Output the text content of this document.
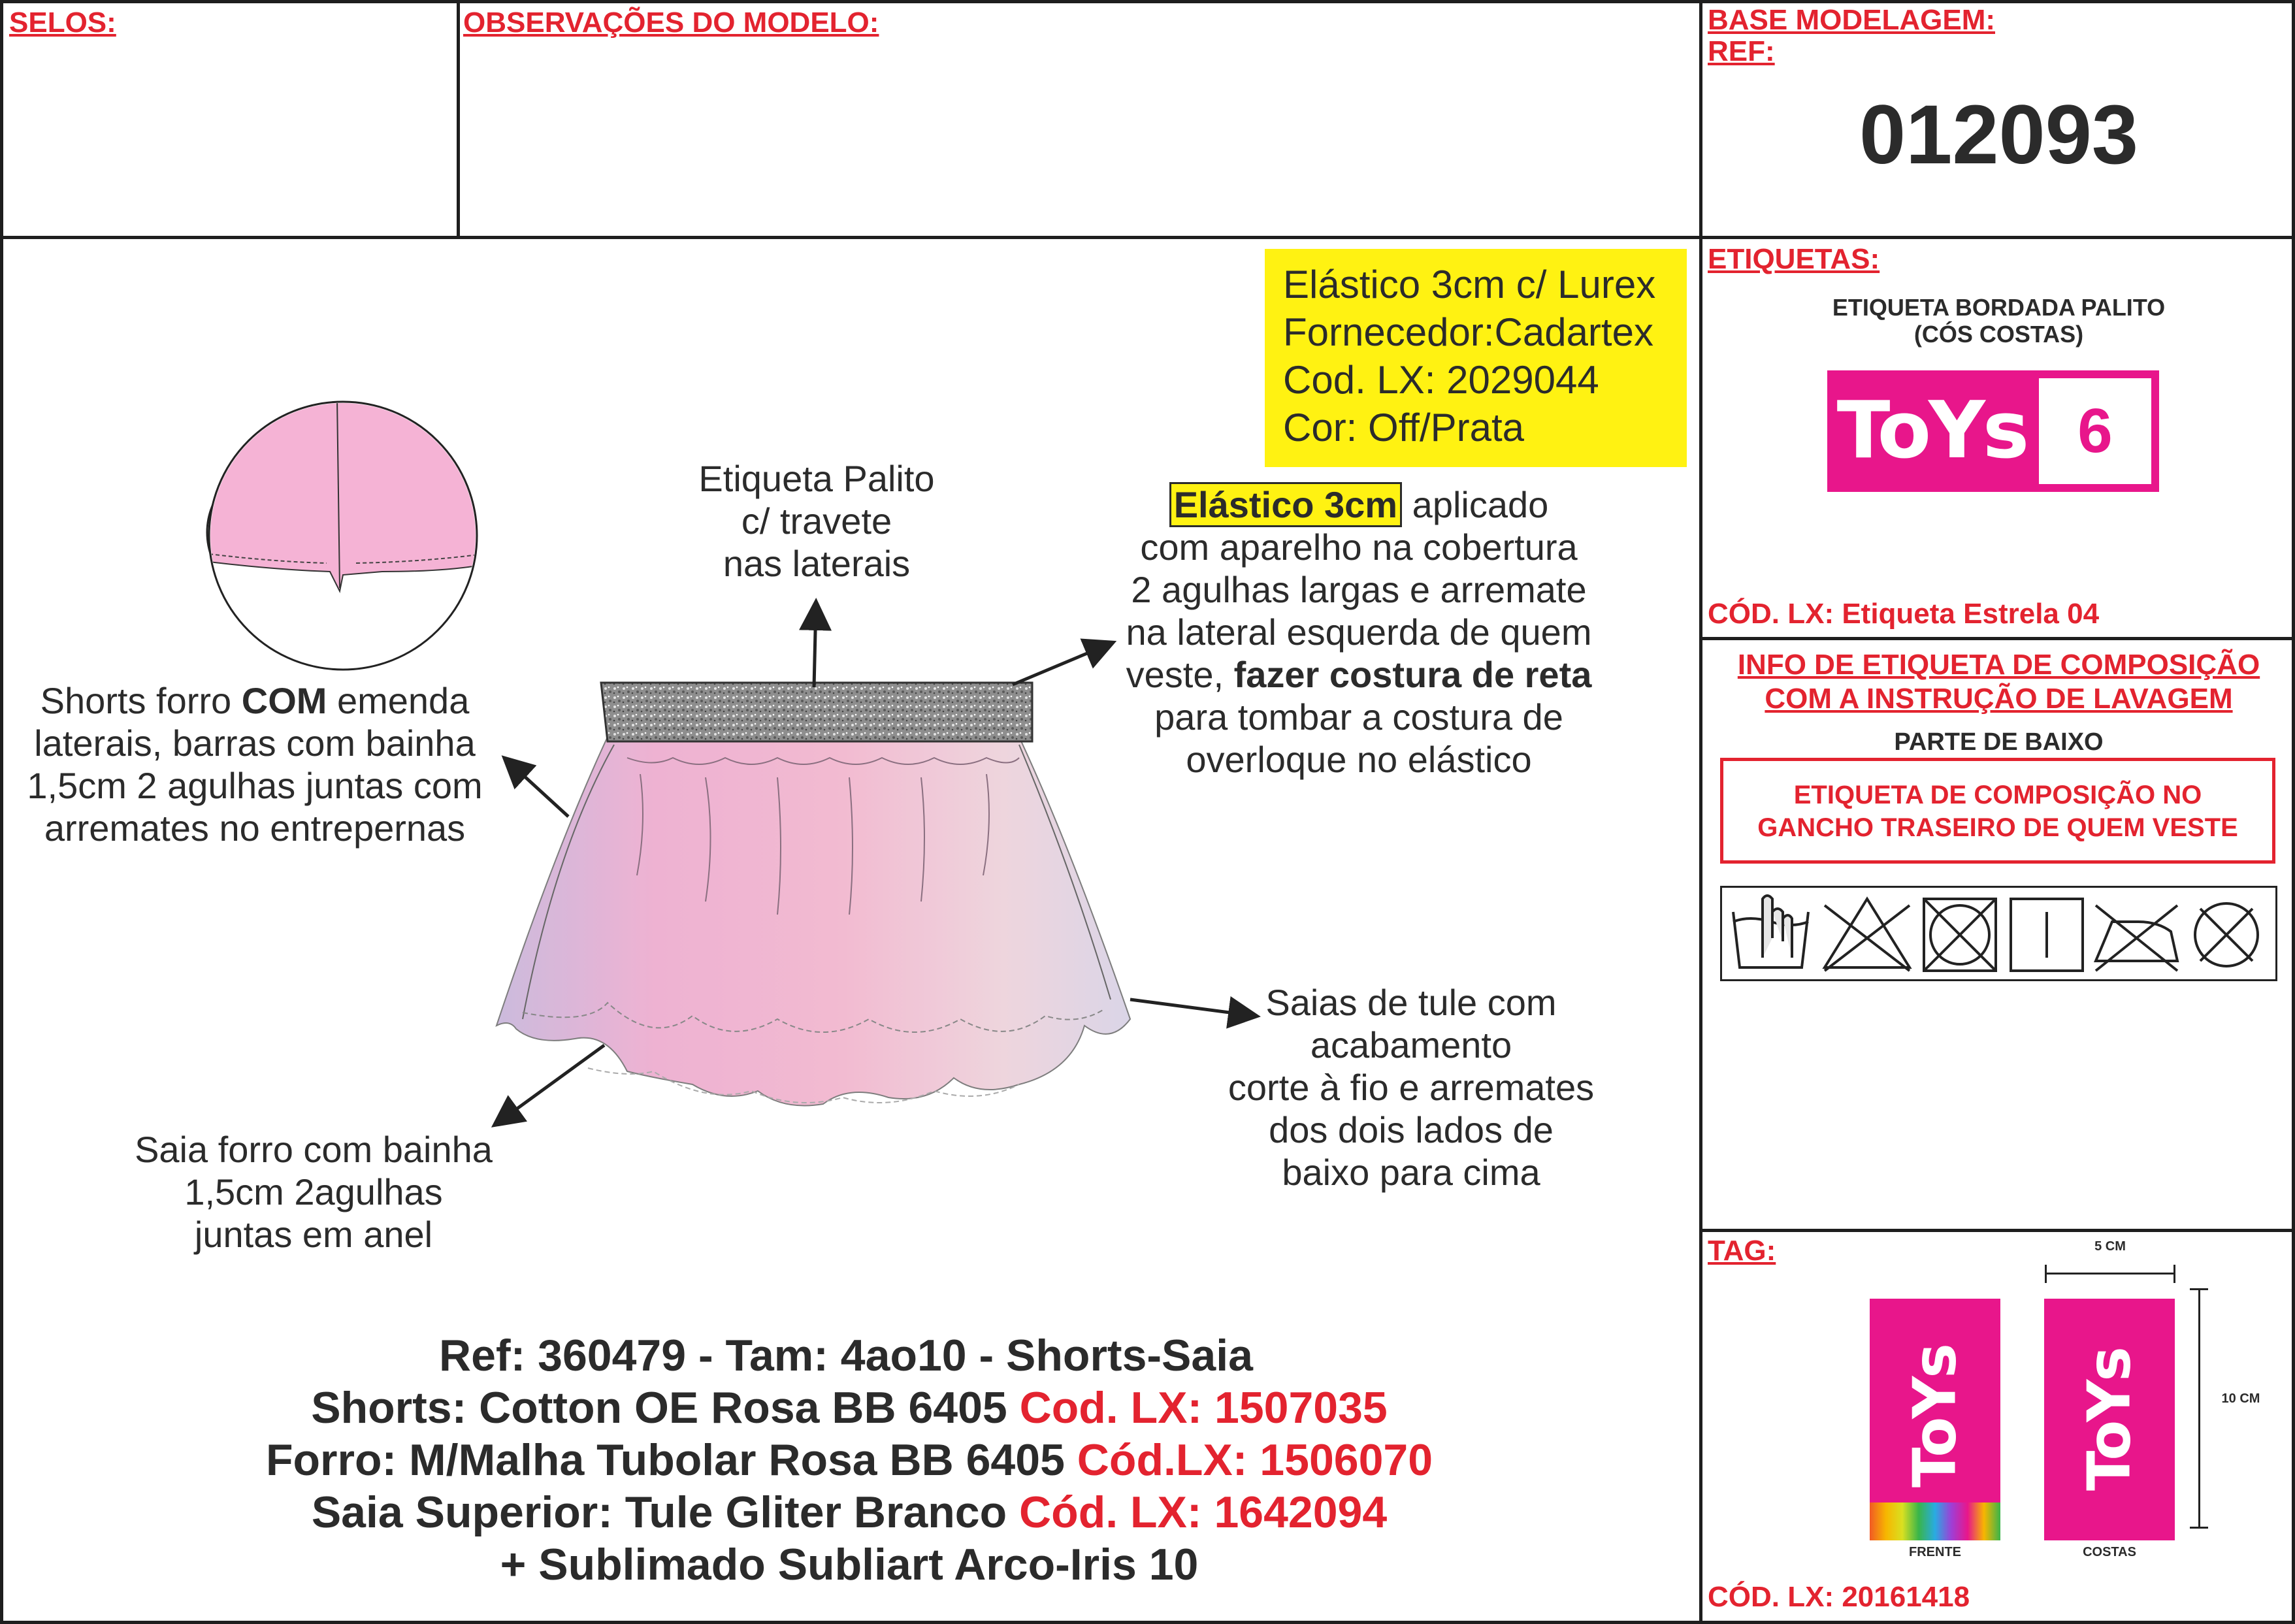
SELOS:	OBSERVAÇÕES DO MODELO:	BASE MODELAGEM:
REF:
012093
Elástico 3cm c/ Lurex
Fornecedor:Cadartex
Cod. LX: 2029044
Cor: Off/Prata
Etiqueta Palito
c/ travete
nas laterais
Elástico 3cm aplicado
com aparelho na cobertura
2 agulhas largas e arremate
na lateral esquerda de quem
veste, fazer costura de reta
para tombar a costura de
overloque no elástico
Shorts forro COM emenda
laterais, barras com bainha
1,5cm 2 agulhas juntas com
arremates no entrepernas
Saias de tule com
acabamento
corte à fio e arremates
dos dois lados de
baixo para cima
Saia forro com bainha
1,5cm 2agulhas
juntas em anel
Ref: 360479 - Tam: 4ao10 - Shorts-Saia
Shorts: Cotton OE Rosa BB 6405 Cod. LX: 1507035
Forro: M/Malha Tubolar Rosa BB 6405 Cód.LX: 1506070
Saia Superior: Tule Gliter Branco Cód. LX: 1642094
+ Sublimado Subliart Arco-Iris 10
ETIQUETAS:
ETIQUETA BORDADA PALITO
(CÓS COSTAS)
ToYs 6
CÓD. LX: Etiqueta Estrela 04
INFO DE ETIQUETA DE COMPOSIÇÃO
COM A INSTRUÇÃO DE LAVAGEM
PARTE DE BAIXO
ETIQUETA DE COMPOSIÇÃO NO
GANCHO TRASEIRO DE QUEM VESTE
TAG:	5 CM
10 CM
ToYs ToYs
FRENTE	COSTAS
CÓD. LX: 20161418
